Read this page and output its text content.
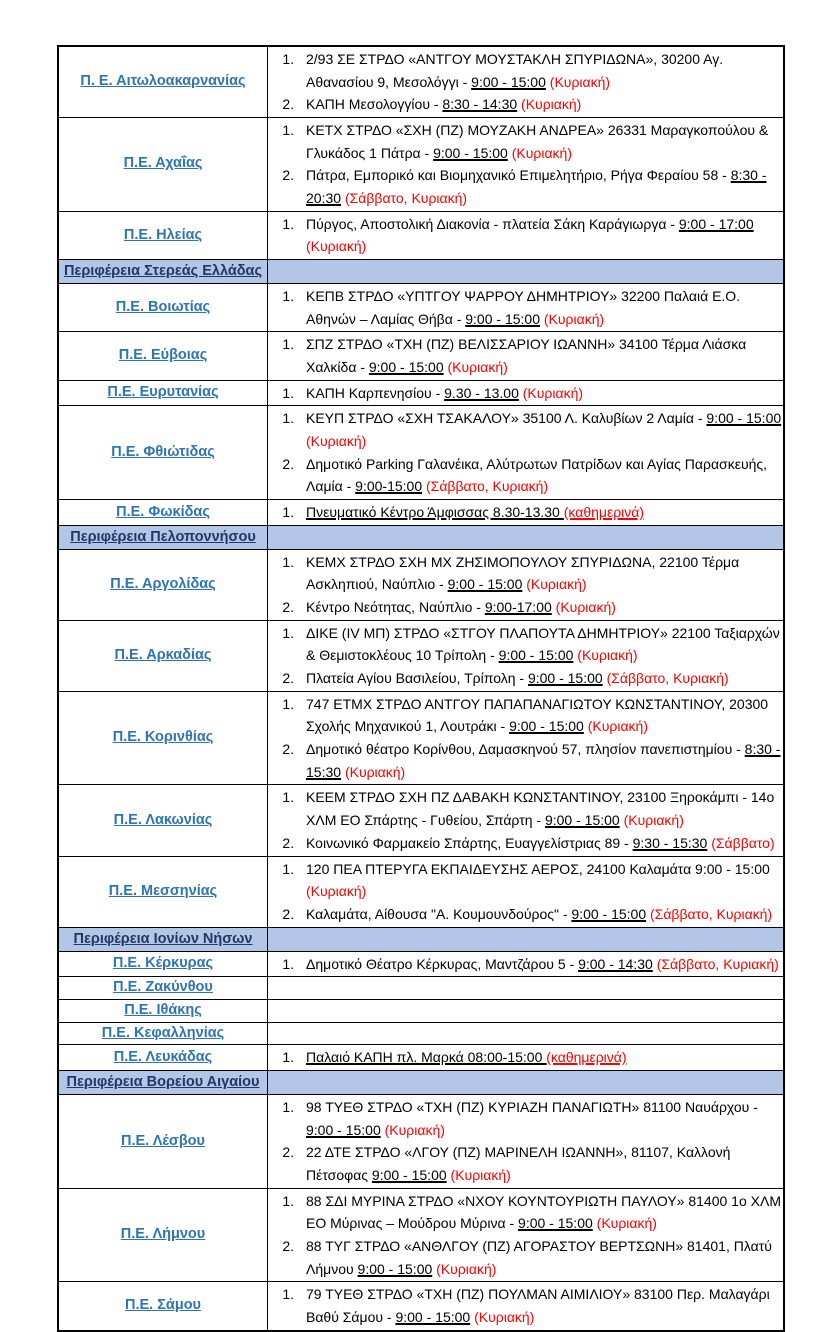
Π. Ε. Αιτωλοακαρνανίας	
1. 2/93 ΣΕ ΣΤΡΔΟ «ΑΝΤΓΟΥ ΜΟΥΣΤΑΚΛΗ ΣΠΥΡΙΔΩΝΑ», 30200 Αγ. Αθανασίου 9, Μεσολόγγι - 9:00 - 15:00 (Κυριακή)
2. ΚΑΠΗ Μεσολογγίου - 8:30 - 14:30 (Κυριακή)

Π.Ε. Αχαΐας	
1. ΚΕΤΧ ΣΤΡΔΟ «ΣΧΗ (ΠΖ) ΜΟΥΖΑΚΗ ΑΝΔΡΕΑ» 26331 Μαραγκοπούλου & Γλυκάδος 1 Πάτρα - 9:00 - 15:00 (Κυριακή)
2. Πάτρα, Εμπορικό και Βιομηχανικό Επιμελητήριο, Ρήγα Φεραίου 58 - 8:30 - 20:30 (Σάββατο, Κυριακή)

Π.Ε. Ηλείας	
1. Πύργος, Αποστολική Διακονία - πλατεία Σάκη Καράγιωργα - 9:00 - 17:00 (Κυριακή)

Περιφέρεια Στερεάς Ελλάδας	

Π.Ε. Βοιωτίας	
1. ΚΕΠΒ ΣΤΡΔΟ «ΥΠΤΓΟΥ ΨΑΡΡΟΥ ΔΗΜΗΤΡΙΟΥ» 32200 Παλαιά Ε.Ο. Αθηνών – Λαμίας Θήβα - 9:00 - 15:00 (Κυριακή)

Π.Ε. Εύβοιας	
1. ΣΠΖ ΣΤΡΔΟ «ΤΧΗ (ΠΖ) ΒΕΛΙΣΣΑΡΙΟΥ ΙΩΑΝΝΗ» 34100 Τέρμα Λιάσκα Χαλκίδα - 9:00 - 15:00 (Κυριακή)

Π.Ε. Ευρυτανίας	
1.ΚΑΠΗ Καρπενησίου - 9.30 - 13.00 (Κυριακή)

Π.Ε. Φθιώτιδας	
1. ΚΕΥΠ ΣΤΡΔΟ «ΣΧΗ ΤΣΑΚΑΛΟΥ» 35100 Λ. Καλυβίων 2 Λαμία - 9:00 - 15:00 (Κυριακή)
2. Δημοτικό Parking Γαλανέικα, Αλύτρωτων Πατρίδων και Αγίας Παρασκευής, Λαμία - 9:00-15:00 (Σάββατο, Κυριακή)

Π.Ε. Φωκίδας	
1.Πνευματικό Κέντρο Άμφισσας 8.30-13.30 (καθημερινά)

Περιφέρεια Πελοποννήσου	

Π.Ε. Αργολίδας	
1. ΚΕΜΧ ΣΤΡΔΟ ΣΧΗ ΜΧ ΖΗΣΙΜΟΠΟΥΛΟΥ ΣΠΥΡΙΔΩΝΑ, 22100 Τέρμα Ασκληπιού, Ναύπλιο - 9:00 - 15:00 (Κυριακή)
2. Κέντρο Νεότητας, Ναύπλιο - 9:00-17:00 (Κυριακή)

Π.Ε. Αρκαδίας	
1. ΔΙΚΕ (IV ΜΠ) ΣΤΡΔΟ «ΣΤΓΟΥ ΠΛΑΠΟΥΤΑ ΔΗΜΗΤΡΙΟΥ» 22100 Ταξιαρχών & Θεμιστοκλέους 10 Τρίπολη - 9:00 - 15:00 (Κυριακή)
2. Πλατεία Αγίου Βασιλείου, Τρίπολη - 9:00 - 15:00 (Σάββατο, Κυριακή)

Π.Ε. Κορινθίας	
1. 747 ΕΤΜΧ ΣΤΡΔΟ ΑΝΤΓΟΥ ΠΑΠΑΠΑΝΑΓΙΩΤΟΥ ΚΩΝΣΤΑΝΤΙΝΟΥ, 20300 Σχολής Μηχανικού 1, Λουτράκι - 9:00 - 15:00 (Κυριακή)
2. Δημοτικό θέατρο Κορίνθου, Δαμασκηνού 57, πλησίον πανεπιστημίου - 8:30 - 15:30 (Κυριακή)

Π.Ε. Λακωνίας	
1. ΚΕΕΜ ΣΤΡΔΟ ΣΧΗ ΠΖ ΔΑΒΑΚΗ ΚΩΝΣΤΑΝΤΙΝΟΥ, 23100 Ξηροκάμπι - 14ο ΧΛΜ ΕΟ Σπάρτης - Γυθείου, Σπάρτη - 9:00 - 15:00 (Κυριακή)
2. Κοινωνικό Φαρμακείο Σπάρτης, Ευαγγελίστριας 89 - 9:30 - 15:30 (Σάββατο)

Π.Ε. Μεσσηνίας	
1. 120 ΠΕΑ ΠΤΕΡΥΓΑ ΕΚΠΑΙΔΕΥΣΗΣ ΑΕΡΟΣ, 24100 Καλαμάτα 9:00 - 15:00 (Κυριακή)
2. Καλαμάτα, Αίθουσα "Α. Κουμουνδούρος" - 9:00 - 15:00 (Σάββατο, Κυριακή)

Περιφέρεια Ιονίων Νήσων	

Π.Ε. Κέρκυρας	
1.Δημοτικό Θέατρο Κέρκυρας, Μαντζάρου 5 - 9:00 - 14:30 (Σάββατο, Κυριακή)

Π.Ε. Ζακύνθου	
Π.Ε. Ιθάκης	
Π.Ε. Κεφαλληνίας	
Π.Ε. Λευκάδας	
1.Παλαιό ΚΑΠΗ πλ. Μαρκά 08:00-15:00 (καθημερινά)

Περιφέρεια Βορείου Αιγαίου	

Π.Ε. Λέσβου	
1. 98 ΤΥΕΘ ΣΤΡΔΟ «ΤΧΗ (ΠΖ) ΚΥΡΙΑΖΗ ΠΑΝΑΓΙΩΤΗ» 81100 Ναυάρχου - 9:00 - 15:00 (Κυριακή)
2. 22 ΔΤΕ ΣΤΡΔΟ «ΛΓΟΥ (ΠΖ) ΜΑΡΙΝΕΛΗ ΙΩΑΝΝΗ», 81107, Καλλονή Πέτσοφας 9:00 - 15:00 (Κυριακή)

Π.Ε. Λήμνου	
1. 88 ΣΔΙ ΜΥΡΙΝΑ ΣΤΡΔΟ «ΝΧΟΥ ΚΟΥΝΤΟΥΡΙΩΤΗ ΠΑΥΛΟΥ» 81400 1ο ΧΛΜ ΕΟ Μύρινας – Μούδρου Μύρινα - 9:00 - 15:00 (Κυριακή)
2. 88 ΤΥΓ ΣΤΡΔΟ «ΑΝΘΛΓΟΥ (ΠΖ) ΑΓΟΡΑΣΤΟΥ ΒΕΡΤΣΩΝΗ» 81401, Πλατύ Λήμνου 9:00 - 15:00 (Κυριακή)

Π.Ε. Σάμου	
1. 79 ΤΥΕΘ ΣΤΡΔΟ «ΤΧΗ (ΠΖ) ΠΟΥΛΜΑΝ ΑΙΜΙΛΙΟΥ» 83100 Περ. Μαλαγάρι Βαθύ Σάμου - 9:00 - 15:00 (Κυριακή)
